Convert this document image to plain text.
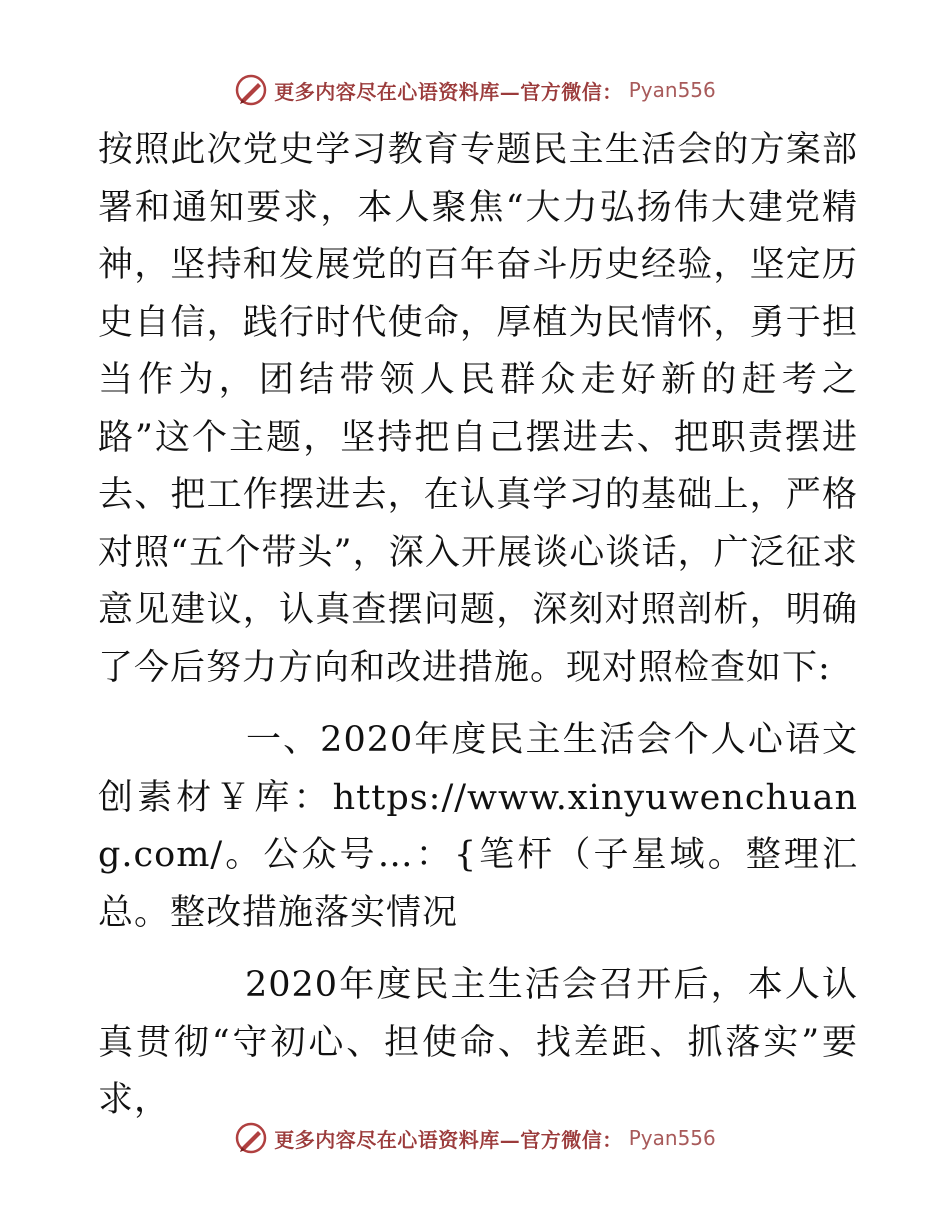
更多内容尽在心语资料库—官方微信： Pyan556

按照此次党史学习教育专题民主生活会的方案部署和通知要求，本人聚焦“大力弘扬伟大建党精神，坚持和发展党的百年奋斗历史经验，坚定历史自信，践行时代使命，厚植为民情怀，勇于担当作为，团结带领人民群众走好新的赶考之路”这个主题，坚持把自己摆进去、把职责摆进去、把工作摆进去，在认真学习的基础上，严格对照“五个带头”，深入开展谈心谈话，广泛征求意见建议，认真查摆问题，深刻对照剖析，明确了今后努力方向和改进措施。现对照检查如下:

一、2020年度民主生活会个人心语文创素材￥库：https://www.xinyuwenchuang.com/。公众号…：{笔杆（子星域。整理汇总。整改措施落实情况

2020年度民主生活会召开后，本人认真贯彻“守初心、担使命、找差距、抓落实”要求，

更多内容尽在心语资料库—官方微信： Pyan556
